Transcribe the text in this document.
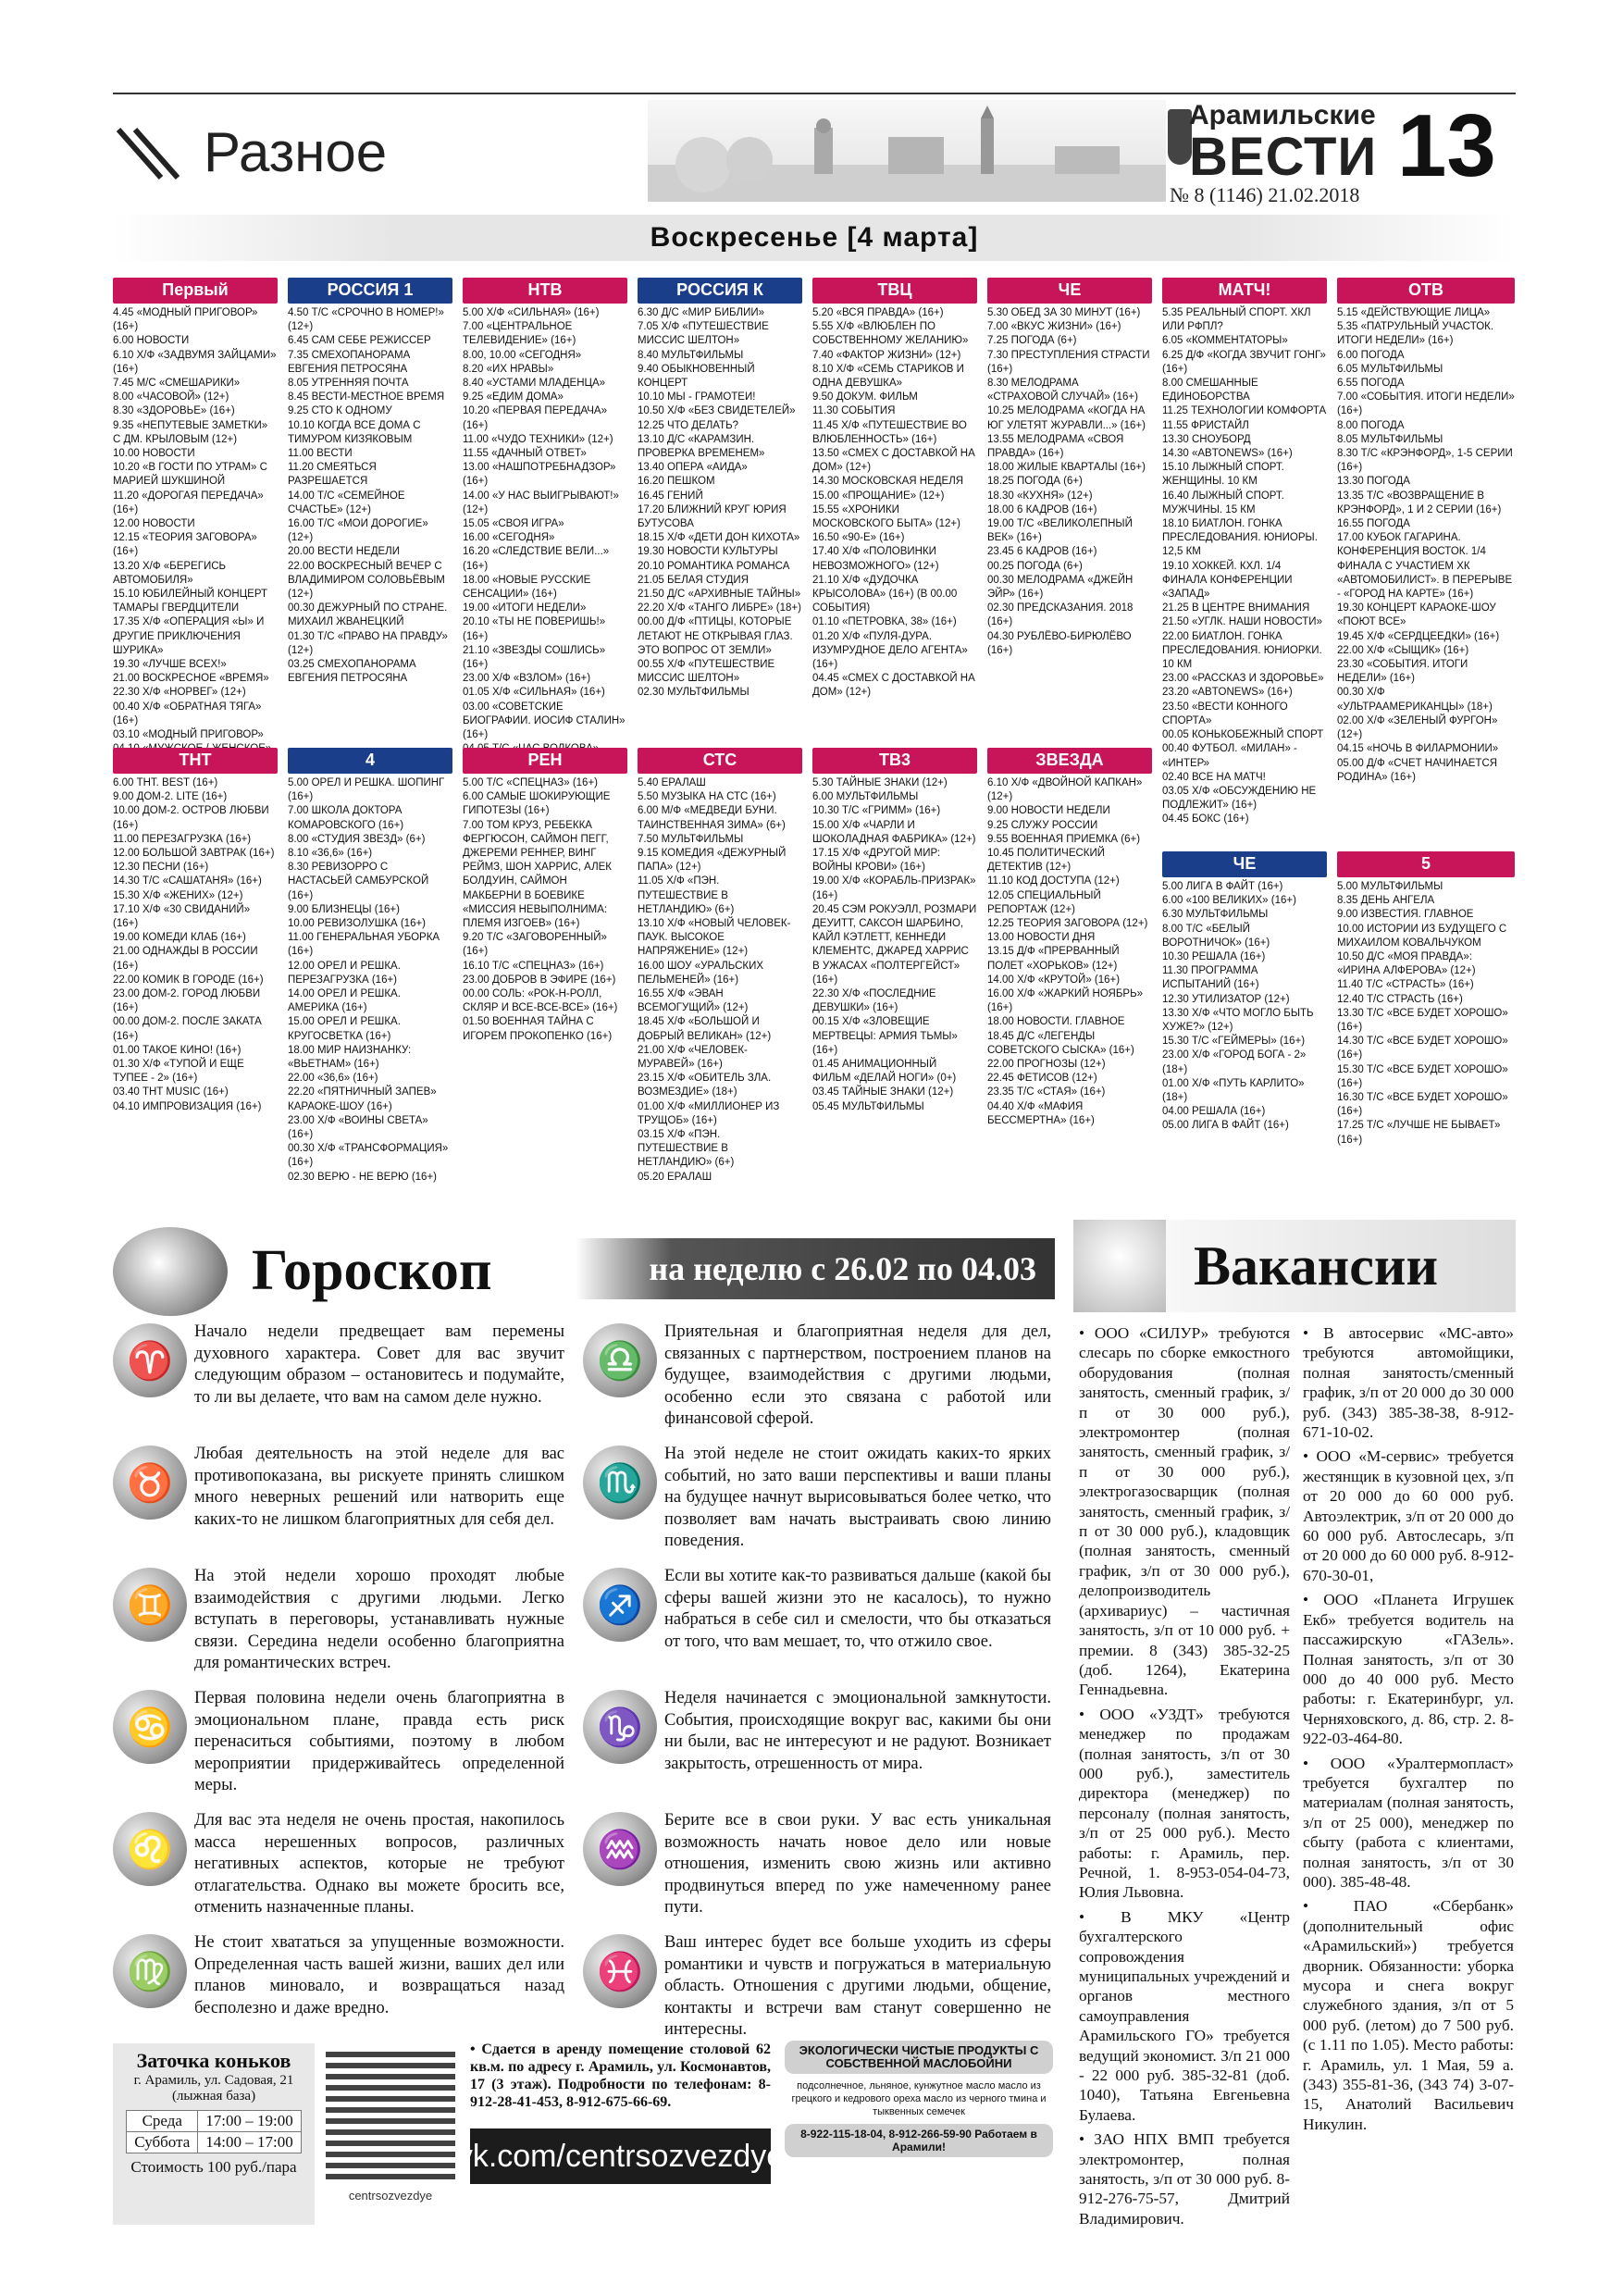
Разное
Арамильские
ВЕСТИ 13
№ 8 (1146) 21.02.2018
Воскресенье [4 марта]
Первый
4.45 «МОДНЫЙ ПРИГОВОР» (16+)
6.00 НОВОСТИ
6.10 Х/Ф «ЗАДВУМЯ ЗАЙЦАМИ» (16+)
7.45 М/С «СМЕШАРИКИ»
8.00 «ЧАСОВОЙ» (12+)
8.30 «ЗДОРОВЬЕ» (16+)
9.35 «НЕПУТЕВЫЕ ЗАМЕТКИ» С ДМ. КРЫЛОВЫМ (12+)
10.00 НОВОСТИ
10.20 «В ГОСТИ ПО УТРАМ» С МАРИЕЙ ШУКШИНОЙ
11.20 «ДОРОГАЯ ПЕРЕДАЧА» (16+)
12.00 НОВОСТИ
12.15 «ТЕОРИЯ ЗАГОВОРА» (16+)
13.20 Х/Ф «БЕРЕГИСЬ АВТОМОБИЛЯ»
15.10 ЮБИЛЕЙНЫЙ КОНЦЕРТ ТАМАРЫ ГВЕРДЦИТЕЛИ
17.35 Х/Ф «ОПЕРАЦИЯ «Ы» И ДРУГИЕ ПРИКЛЮЧЕНИЯ ШУРИКА»
19.30 «ЛУЧШЕ ВСЕХ!»
21.00 ВОСКРЕСНОЕ «ВРЕМЯ»
22.30 Х/Ф «НОРВЕГ» (12+)
00.40 Х/Ф «ОБРАТНАЯ ТЯГА» (16+)
03.10 «МОДНЫЙ ПРИГОВОР»

РОССИЯ 1
4.50 Т/С «СРОЧНО В НОМЕР!» (12+)
6.45 САМ СЕБЕ РЕЖИССЕР
7.35 СМЕХОПАНОРАМА ЕВГЕНИЯ ПЕТРОСЯНА
8.05 УТРЕННЯЯ ПОЧТА
8.45 ВЕСТИ-МЕСТНОЕ ВРЕМЯ
9.25 СТО К ОДНОМУ
10.10 КОГДА ВСЕ ДОМА С ТИМУРОМ КИЗЯКОВЫМ
11.00 ВЕСТИ
11.20 СМЕЯТЬСЯ РАЗРЕШАЕТСЯ
14.00 Т/С «СЕМЕЙНОЕ СЧАСТЬЕ» (12+)
16.00 Т/С «МОИ ДОРОГИЕ» (12+)
20.00 ВЕСТИ НЕДЕЛИ
22.00 ВОСКРЕСНЫЙ ВЕЧЕР С ВЛАДИМИРОМ СОЛОВЬЁВЫМ (12+)
00.30 ДЕЖУРНЫЙ ПО СТРАНЕ. МИХАИЛ ЖВАНЕЦКИЙ
01.30 Т/С «ПРАВО НА ПРАВДУ» (12+)
03.25 СМЕХОПАНОРАМА ЕВГЕНИЯ ПЕТРОСЯНА
НТВ
5.00 Х/Ф «СИЛЬНАЯ» (16+)
7.00 «ЦЕНТРАЛЬНОЕ ТЕЛЕВИДЕНИЕ» (16+)
8.00, 10.00 «СЕГОДНЯ»
8.20 «ИХ НРАВЫ»
8.40 «УСТАМИ МЛАДЕНЦА»
9.25 «ЕДИМ ДОМА»
10.20 «ПЕРВАЯ ПЕРЕДАЧА» (16+)
11.00 «ЧУДО ТЕХНИКИ» (12+)
11.55 «ДАЧНЫЙ ОТВЕТ»
13.00 «НАШПОТРЕБНАДЗОР» (16+)
14.00 «У НАС ВЫИГРЫВАЮТ!» (12+)
15.05 «СВОЯ ИГРА»
16.00 «СЕГОДНЯ»
16.20 «СЛЕДСТВИЕ ВЕЛИ...» (16+)
18.00 «НОВЫЕ РУССКИЕ СЕНСАЦИИ» (16+)
19.00 «ИТОГИ НЕДЕЛИ»
20.10 «ТЫ НЕ ПОВЕРИШЬ!» (16+)
21.10 «ЗВЕЗДЫ СОШЛИСЬ» (16+)
23.00 Х/Ф «ВЗЛОМ» (16+)
01.05 Х/Ф «СИЛЬНАЯ» (16+)
03.00 «СОВЕТСКИЕ БИОГРАФИИ. ИОСИФ СТАЛИН» (16+)

РОССИЯ К
6.30 Д/С «МИР БИБЛИИ»
7.05 Х/Ф «ПУТЕШЕСТВИЕ МИССИС ШЕЛТОН»
8.40 МУЛЬТФИЛЬМЫ
9.40 ОБЫКНОВЕННЫЙ КОНЦЕРТ
10.10 МЫ - ГРАМОТЕИ!
10.50 Х/Ф «БЕЗ СВИДЕТЕЛЕЙ»
12.25 ЧТО ДЕЛАТЬ?
13.10 Д/С «КАРАМЗИН. ПРОВЕРКА ВРЕМЕНЕМ»
13.40 ОПЕРА «АИДА»
16.20 ПЕШКОМ
16.45 ГЕНИЙ
17.20 БЛИЖНИЙ КРУГ ЮРИЯ БУТУСОВА
18.15 Х/Ф «ДЕТИ ДОН КИХОТА»
19.30 НОВОСТИ КУЛЬТУРЫ
20.10 РОМАНТИКА РОМАНСА
21.05 БЕЛАЯ СТУДИЯ
21.50 Д/С «АРХИВНЫЕ ТАЙНЫ»
22.20 Х/Ф «ТАНГО ЛИБРЕ» (18+)
00.00 Д/Ф «ПТИЦЫ, КОТОРЫЕ ЛЕТАЮТ НЕ ОТКРЫВАЯ ГЛАЗ. ЭТО ВОПРОС ОТ ЗЕМЛИ»
00.55 Х/Ф «ПУТЕШЕСТВИЕ МИССИС ШЕЛТОН»
02.30 МУЛЬТФИЛЬМЫ
ТВЦ
5.20 «ВСЯ ПРАВДА» (16+)
5.55 Х/Ф «ВЛЮБЛЕН ПО СОБСТВЕННОМУ ЖЕЛАНИЮ»
7.40 «ФАКТОР ЖИЗНИ» (12+)
8.10 Х/Ф «СЕМЬ СТАРИКОВ И ОДНА ДЕВУШКА»
9.50 ДОКУМ. ФИЛЬМ
11.30 СОБЫТИЯ
11.45 Х/Ф «ПУТЕШЕСТВИЕ ВО ВЛЮБЛЕННОСТЬ» (16+)
13.50 «СМЕХ С ДОСТАВКОЙ НА ДОМ» (12+)
14.30 МОСКОВСКАЯ НЕДЕЛЯ
15.00 «ПРОЩАНИЕ» (12+)
15.55 «ХРОНИКИ МОСКОВСКОГО БЫТА» (12+)
16.50 «90-Е» (16+)
17.40 Х/Ф «ПОЛОВИНКИ НЕВОЗМОЖНОГО» (12+)
21.10 Х/Ф «ДУДОЧКА КРЫСОЛОВА» (16+) (В 00.00 СОБЫТИЯ)
01.10 «ПЕТРОВКА, 38» (16+)
01.20 Х/Ф «ПУЛЯ-ДУРА. ИЗУМРУДНОЕ ДЕЛО АГЕНТА» (16+)
04.45 «СМЕХ С ДОСТАВКОЙ НА ДОМ» (12+)
ЧЕ
5.30 ОБЕД ЗА 30 МИНУТ (16+)
7.00 «ВКУС ЖИЗНИ» (16+)
7.25 ПОГОДА (6+)
7.30 ПРЕСТУПЛЕНИЯ СТРАСТИ (16+)
8.30 МЕЛОДРАМА «СТРАХОВОЙ СЛУЧАЙ» (16+)
10.25 МЕЛОДРАМА «КОГДА НА ЮГ УЛЕТЯТ ЖУРАВЛИ...» (16+)
13.55 МЕЛОДРАМА «СВОЯ ПРАВДА» (16+)
18.00 ЖИЛЫЕ КВАРТАЛЫ (16+)
18.25 ПОГОДА (6+)
18.30 «КУХНЯ» (12+)
18.00 6 КАДРОВ (16+)
19.00 Т/С «ВЕЛИКОЛЕПНЫЙ ВЕК» (16+)
23.45 6 КАДРОВ (16+)
00.25 ПОГОДА (6+)
00.30 МЕЛОДРАМА «ДЖЕЙН ЭЙР» (16+)
02.30 ПРЕДСКАЗАНИЯ. 2018 (16+)
04.30 РУБЛЁВО-БИРЮЛЁВО (16+)
МАТЧ!
5.35 РЕАЛЬНЫЙ СПОРТ. ХКЛ ИЛИ РФПЛ?
6.05 «КОММЕНТАТОРЫ»
6.25 Д/Ф «КОГДА ЗВУЧИТ ГОНГ» (16+)
8.00 СМЕШАННЫЕ ЕДИНОБОРСТВА
11.25 ТЕХНОЛОГИИ КОМФОРТА
11.55 ФРИСТАЙЛ
13.30 СНОУБОРД
14.30 «AВTONEWS» (16+)
15.10 ЛЫЖНЫЙ СПОРТ. ЖЕНЩИНЫ. 10 КМ
16.40 ЛЫЖНЫЙ СПОРТ. МУЖЧИНЫ. 15 КМ
18.10 БИАТЛОН. ГОНКА ПРЕСЛЕДОВАНИЯ. ЮНИОРЫ. 12,5 КМ
19.10 ХОККЕЙ. КХЛ. 1/4 ФИНАЛА КОНФЕРЕНЦИИ «ЗАПАД»
21.25 В ЦЕНТРЕ ВНИМАНИЯ
21.50 «УГЛК. НАШИ НОВОСТИ»
22.00 БИАТЛОН. ГОНКА ПРЕСЛЕДОВАНИЯ. ЮНИОРКИ. 10 КМ
23.00 «РАССКАЗ И ЗДОРОВЬЕ»
23.20 «AВTONEWS» (16+)
23.50 «ВЕСТИ КОННОГО СПОРТА»
00.05 КОНЬКОБЕЖНЫЙ СПОРТ
00.40 ФУТБОЛ. «МИЛАН» - «ИНТЕР»
02.40 ВСЕ НА МАТЧ!
03.05 Х/Ф «ОБСУЖДЕНИЮ НЕ ПОДЛЕЖИТ» (16+)
04.45 БОКС (16+)
ОТВ
5.15 «ДЕЙСТВУЮЩИЕ ЛИЦА»
5.35 «ПАТРУЛЬНЫЙ УЧАСТОК. ИТОГИ НЕДЕЛИ» (16+)
6.00 ПОГОДА
6.05 МУЛЬТФИЛЬМЫ
6.55 ПОГОДА
7.00 «СОБЫТИЯ. ИТОГИ НЕДЕЛИ» (16+)
8.00 ПОГОДА
8.05 МУЛЬТФИЛЬМЫ
8.30 Т/С «КРЭНФОРД», 1-5 СЕРИИ (16+)
13.30 ПОГОДА
13.35 Т/С «ВОЗВРАЩЕНИЕ В КРЭНФОРД», 1 И 2 СЕРИИ (16+)
16.55 ПОГОДА
17.00 КУБОК ГАГАРИНА. КОНФЕРЕНЦИЯ ВОСТОК. 1/4 ФИНАЛА С УЧАСТИЕМ ХК «АВТОМОБИЛИСТ». В ПЕРЕРЫВЕ - «ГОРОД НА КАРТЕ» (16+)
19.30 КОНЦЕРТ КАРАОКЕ-ШОУ «ПОЮТ ВСЕ»
19.45 Х/Ф «СЕРДЦЕЕДКИ» (16+)
22.00 Х/Ф «СЫЩИК» (16+)
23.30 «СОБЫТИЯ. ИТОГИ НЕДЕЛИ» (16+)
00.30 Х/Ф «УЛЬТРААМЕРИКАНЦЫ» (18+)
02.00 Х/Ф «ЗЕЛЕНЫЙ ФУРГОН» (12+)
04.15 «НОЧЬ В ФИЛАРМОНИИ»
05.00 Д/Ф «СЧЕТ НАЧИНАЕТСЯ РОДИНА» (16+)
ТНТ
6.00 ТНТ. BEST (16+)
9.00 ДОМ-2. LITE (16+)
10.00 ДОМ-2. ОСТРОВ ЛЮБВИ (16+)
11.00 ПЕРЕЗАГРУЗКА (16+)
12.00 БОЛЬШОЙ ЗАВТРАК (16+)
12.30 ПЕСНИ (16+)
14.30 Т/С «САШАТАНЯ» (16+)
15.30 Х/Ф «ЖЕНИХ» (12+)
17.10 Х/Ф «30 СВИДАНИЙ» (16+)
19.00 КОМЕДИ КЛАБ (16+)
21.00 ОДНАЖДЫ В РОССИИ (16+)
22.00 КОМИК В ГОРОДЕ (16+)
23.00 ДОМ-2. ГОРОД ЛЮБВИ (16+)
00.00 ДОМ-2. ПОСЛЕ ЗАКАТА (16+)
01.00 ТАКОЕ КИНО! (16+)
01.30 Х/Ф «ТУПОЙ И ЕЩЕ ТУПЕЕ - 2» (16+)
03.40 THT MUSIC (16+)
04.10 ИМПРОВИЗАЦИЯ (16+)
4
5.00 ОРЕЛ И РЕШКА. ШОПИНГ (16+)
7.00 ШКОЛА ДОКТОРА КОМАРОВСКОГО (16+)
8.00 «СТУДИЯ ЗВЕЗД» (6+)
8.10 «36,6» (16+)
8.30 РЕВИЗОРРО С НАСТАСЬЕЙ САМБУРСКОЙ (16+)
9.00 БЛИЗНЕЦЫ (16+)
10.00 РЕВИЗОЛУШКА (16+)
11.00 ГЕНЕРАЛЬНАЯ УБОРКА (16+)
12.00 ОРЕЛ И РЕШКА. ПЕРЕЗАГРУЗКА (16+)
14.00 ОРЕЛ И РЕШКА. АМЕРИКА (16+)
15.00 ОРЕЛ И РЕШКА. КРУГОСВЕТКА (16+)
18.00 МИР НАИЗНАНКУ: «ВЬЕТНАМ» (16+)
22.00 «36,6» (16+)
22.20 «ПЯТНИЧНЫЙ ЗАПЕВ» КАРАОКЕ-ШОУ (16+)
23.00 Х/Ф «ВОИНЫ СВЕТА» (16+)
00.30 Х/Ф «ТРАНСФОРМАЦИЯ» (16+)
02.30 ВЕРЮ - НЕ ВЕРЮ (16+)
РЕН
5.00 Т/С «СПЕЦНАЗ» (16+)
6.00 САМЫЕ ШОКИРУЮЩИЕ ГИПОТЕЗЫ (16+)
7.00 ТОМ КРУЗ, РЕБЕККА ФЕРГЮСОН, САЙМОН ПЕГГ, ДЖЕРЕМИ РЕННЕР, ВИНГ РЕЙМЗ, ШОН ХАРРИС, АЛЕК БОЛДУИН, САЙМОН МАКБЕРНИ В БОЕВИКЕ «МИССИЯ НЕВЫПОЛНИМА: ПЛЕМЯ ИЗГОЕВ» (16+)
9.20 Т/С «ЗАГОВОРЕННЫЙ» (16+)
16.10 Т/С «СПЕЦНАЗ» (16+)
23.00 ДОБРОВ В ЭФИРЕ (16+)
00.00 СОЛЬ: «РОК-Н-РОЛЛ, СКЛЯР И ВСЕ-ВСЕ-ВСЕ» (16+)
01.50 ВОЕННАЯ ТАЙНА С ИГОРЕМ ПРОКОПЕНКО (16+)
СТС
5.40 ЕРАЛАШ
5.50 МУЗЫКА НА СТС (16+)
6.00 М/Ф «МЕДВЕДИ БУНИ. ТАИНСТВЕННАЯ ЗИМА» (6+)
7.50 МУЛЬТФИЛЬМЫ
9.15 КОМЕДИЯ «ДЕЖУРНЫЙ ПАПА» (12+)
11.05 Х/Ф «ПЭН. ПУТЕШЕСТВИЕ В НЕТЛАНДИЮ» (6+)
13.10 Х/Ф «НОВЫЙ ЧЕЛОВЕК-ПАУК. ВЫСОКОЕ НАПРЯЖЕНИЕ» (12+)
16.00 ШОУ «УРАЛЬСКИХ ПЕЛЬМЕНЕЙ» (16+)
16.55 Х/Ф «ЭВАН ВСЕМОГУЩИЙ» (12+)
18.45 Х/Ф «БОЛЬШОЙ И ДОБРЫЙ ВЕЛИКАН» (12+)
21.00 Х/Ф «ЧЕЛОВЕК-МУРАВЕЙ» (16+)
23.15 Х/Ф «ОБИТЕЛЬ ЗЛА. ВОЗМЕЗДИЕ» (18+)
01.00 Х/Ф «МИЛЛИОНЕР ИЗ ТРУЩОБ» (16+)
03.15 Х/Ф «ПЭН. ПУТЕШЕСТВИЕ В НЕТЛАНДИЮ» (6+)
05.20 ЕРАЛАШ
ТВ3
5.30 ТАЙНЫЕ ЗНАКИ (12+)
6.00 МУЛЬТФИЛЬМЫ
10.30 Т/С «ГРИММ» (16+)
15.00 Х/Ф «ЧАРЛИ И ШОКОЛАДНАЯ ФАБРИКА» (12+)
17.15 Х/Ф «ДРУГОЙ МИР: ВОЙНЫ КРОВИ» (16+)
19.00 Х/Ф «КОРАБЛЬ-ПРИЗРАК» (16+)
20.45 СЭМ РОКУЭЛЛ, РОЗМАРИ ДЕУИТТ, САКСОН ШАРБИНО, КАЙЛ КЭТЛЕТТ, КЕННЕДИ КЛЕМЕНТС, ДЖАРЕД ХАРРИС В УЖАСАХ «ПОЛТЕРГЕЙСТ» (16+)
22.30 Х/Ф «ПОСЛЕДНИЕ ДЕВУШКИ» (16+)
00.15 Х/Ф «ЗЛОВЕЩИЕ МЕРТВЕЦЫ: АРМИЯ ТЬМЫ» (16+)
01.45 АНИМАЦИОННЫЙ ФИЛЬМ «ДЕЛАЙ НОГИ» (0+)
03.45 ТАЙНЫЕ ЗНАКИ (12+)
05.45 МУЛЬТФИЛЬМЫ
ЗВЕЗДА
6.10 Х/Ф «ДВОЙНОЙ КАПКАН» (12+)
9.00 НОВОСТИ НЕДЕЛИ
9.25 СЛУЖУ РОССИИ
9.55 ВОЕННАЯ ПРИЕМКА (6+)
10.45 ПОЛИТИЧЕСКИЙ ДЕТЕКТИВ (12+)
11.10 КОД ДОСТУПА (12+)
12.05 СПЕЦИАЛЬНЫЙ РЕПОРТАЖ (12+)
12.25 ТЕОРИЯ ЗАГОВОРА (12+)
13.00 НОВОСТИ ДНЯ
13.15 Д/Ф «ПРЕРВАННЫЙ ПОЛЕТ «ХОРЬКОВ» (12+)
14.00 Х/Ф «КРУТОЙ» (16+)
16.00 Х/Ф «ЖАРКИЙ НОЯБРЬ» (16+)
18.00 НОВОСТИ. ГЛАВНОЕ
18.45 Д/С «ЛЕГЕНДЫ СОВЕТСКОГО СЫСКА» (16+)
22.00 ПРОГНОЗЫ (12+)
22.45 ФЕТИСОВ (12+)
23.35 Т/С «СТАЯ» (16+)
04.40 Х/Ф «МАФИЯ БЕССМЕРТНА» (16+)
ЧЕ
5.00 ЛИГА В ФАЙТ (16+)
6.00 «100 ВЕЛИКИХ» (16+)
6.30 МУЛЬТФИЛЬМЫ
8.00 Т/С «БЕЛЫЙ ВОРОТНИЧОК» (16+)
10.30 РЕШАЛА (16+)
11.30 ПРОГРАММА ИСПЫТАНИЙ (16+)
12.30 УТИЛИЗАТОР (12+)
13.30 Х/Ф «ЧТО МОГЛО БЫТЬ ХУЖЕ?» (12+)
15.30 Т/С «ГЕЙМЕРЫ» (16+)
23.00 Х/Ф «ГОРОД БОГА - 2» (18+)
01.00 Х/Ф «ПУТЬ КАРЛИТО» (18+)
04.00 РЕШАЛА (16+)
05.00 ЛИГА В ФАЙТ (16+)
5
5.00 МУЛЬТФИЛЬМЫ
8.35 ДЕНЬ АНГЕЛА
9.00 ИЗВЕСТИЯ. ГЛАВНОЕ
10.00 ИСТОРИИ ИЗ БУДУЩЕГО С МИХАИЛОМ КОВАЛЬЧУКОМ
10.50 Д/С «МОЯ ПРАВДА»: «ИРИНА АЛФЕРОВА» (12+)
11.40 Т/С «СТРАСТЬ» (16+)
12.40 Т/С СТРАСТЬ (16+)
13.30 Т/С «ВСЕ БУДЕТ ХОРОШО» (16+)
14.30 Т/С «ВСЕ БУДЕТ ХОРОШО» (16+)
15.30 Т/С «ВСЕ БУДЕТ ХОРОШО» (16+)
16.30 Т/С «ВСЕ БУДЕТ ХОРОШО» (16+)
17.25 Т/С «ЛУЧШЕ НЕ БЫВАЕТ» (16+)
Гороскоп	на неделю с 26.02 по 04.03
♈
Начало недели предвещает вам перемены духовного характера. Совет для вас звучит следующим образом – остановитесь и подумайте, то ли вы делаете, что вам на самом деле нужно.
♉
Любая деятельность на этой неделе для вас противопоказана, вы рискуете принять слишком много неверных решений или натворить еще каких-то не лишком благоприятных для себя дел.
♊
На этой недели хорошо проходят любые взаимодействия с другими людьми. Легко вступать в переговоры, устанавливать нужные связи. Середина недели особенно благоприятна для романтических встреч.
♋
Первая половина недели очень благоприятна в эмоциональном плане, правда есть риск перенаситься событиями, поэтому в любом мероприятии придерживайтесь определенной меры.
♌
Для вас эта неделя не очень простая, накопилось масса нерешенных вопросов, различных негативных аспектов, которые не требуют отлагательства. Однако вы можете бросить все, отменить назначенные планы.
♍
Не стоит хвататься за упущенные возможности. Определенная часть вашей жизни, ваших дел или планов миновало, и возвращаться назад бесполезно и даже вредно.
♎
Приятельная и благоприятная неделя для дел, связанных с партнерством, построением планов на будущее, взаимодействия с другими людьми, особенно если это связана с работой или финансовой сферой.
♏
На этой неделе не стоит ожидать каких-то ярких событий, но зато ваши перспективы и ваши планы на будущее начнут вырисовываться более четко, что позволяет вам начать выстраивать свою линию поведения.
♐
Если вы хотите как-то развиваться дальше (какой бы сферы вашей жизни это не касалось), то нужно набраться в себе сил и смелости, что бы отказаться от того, что вам мешает, то, что отжило свое.
♑
Неделя начинается с эмоциональной замкнутости. События, происходящие вокруг вас, какими бы они ни были, вас не интересуют и не радуют. Возникает закрытость, отрешенность от мира.
♒
Берите все в свои руки. У вас есть уникальная возможность начать новое дело или новые отношения, изменить свою жизнь или активно продвинуться вперед по уже намеченному ранее пути.
♓
Ваш интерес будет все больше уходить из сферы романтики и чувств и погружаться в материальную область. Отношения с другими людьми, общение, контакты и встречи вам станут совершенно не интересны.
Вакансии

• ООО «СИЛУР» требуются слесарь по сборке емкостного оборудования (полная занятость, сменный график, з/п от 30 000 руб.), электромонтер (полная занятость, сменный график, з/п от 30 000 руб.), электрогазосварщик (полная занятость, сменный график, з/п от 30 000 руб.), кладовщик (полная занятость, сменный график, з/п от 30 000 руб.), делопроизводитель (архивариус) – частичная занятость, з/п от 10 000 руб. + премии. 8 (343) 385-32-25 (доб. 1264), Екатерина Геннадьевна.

• ООО «УЗДТ» требуются менеджер по продажам (полная занятость, з/п от 30 000 руб.), заместитель директора (менеджер) по персоналу (полная занятость, з/п от 25 000 руб.). Место работы: г. Арамиль, пер. Речной, 1. 8-953-054-04-73, Юлия Львовна.

• В МКУ «Центр бухгалтерского сопровождения муниципальных учреждений и органов местного самоуправления Арамильского ГО» требуется ведущий экономист. З/п 21 000 - 22 000 руб. 385-32-81 (доб. 1040), Татьяна Евгеньевна Булаева.

• ЗАО НПХ ВМП требуется электромонтер, полная занятость, з/п от 30 000 руб. 8-912-276-75-57, Дмитрий Владимирович.

• В автосервис «МС-авто» требуются автомойщики, полная занятость/сменный график, з/п от 20 000 до 30 000 руб. (343) 385-38-38, 8-912-671-10-02.

• ООО «М-сервис» требуется жестянщик в кузовной цех, з/п от 20 000 до 60 000 руб. Автоэлектрик, з/п от 20 000 до 60 000 руб. Автослесарь, з/п от 20 000 до 60 000 руб. 8-912-670-30-01,

• ООО «Планета Игрушек Екб» требуется водитель на пассажирскую «ГАЗель». Полная занятость, з/п от 30 000 до 40 000 руб. Место работы: г. Екатеринбург, ул. Черняховского, д. 86, стр. 2. 8-922-03-464-80.

• ООО «Уралтермопласт» требуется бухгалтер по материалам (полная занятость, з/п от 25 000), менеджер по сбыту (работа с клиентами, полная занятость, з/п от 30 000). 385-48-48.

• ПАО «Сбербанк» (дополнительный офис «Арамильский») требуется дворник. Обязанности: уборка мусора и снега вокруг служебного здания, з/п от 5 000 руб. (летом) до 7 500 руб. (с 1.11 по 1.05). Место работы: г. Арамиль, ул. 1 Мая, 59 а. (343) 355-81-36, (343 74) 3-07-15, Анатолий Васильевич Никулин.

Заточка коньков
г. Арамиль, ул. Садовая, 21 (лыжная база)
Среда	17:00 – 19:00
Суббота	14:00 – 17:00
Стоимость 100 руб./пара
centrsozvezdye
• Сдается в аренду помещение столовой 62 кв.м. по адресу г. Арамиль, ул. Космонавтов, 17 (3 этаж). Подробности по телефонам: 8-912-28-41-453, 8-912-675-66-69.
vk.com/centrsozvezdye
ЭКОЛОГИЧЕСКИ ЧИСТЫЕ ПРОДУКТЫ С СОБСТВЕННОЙ МАСЛОБОЙНИ
подсолнечное, льняное, кунжутное масло масло из грецкого и кедрового ореха масло из черного тмина и тыквенных семечек
8-922-115-18-04, 8-912-266-59-90 Работаем в Арамили!
